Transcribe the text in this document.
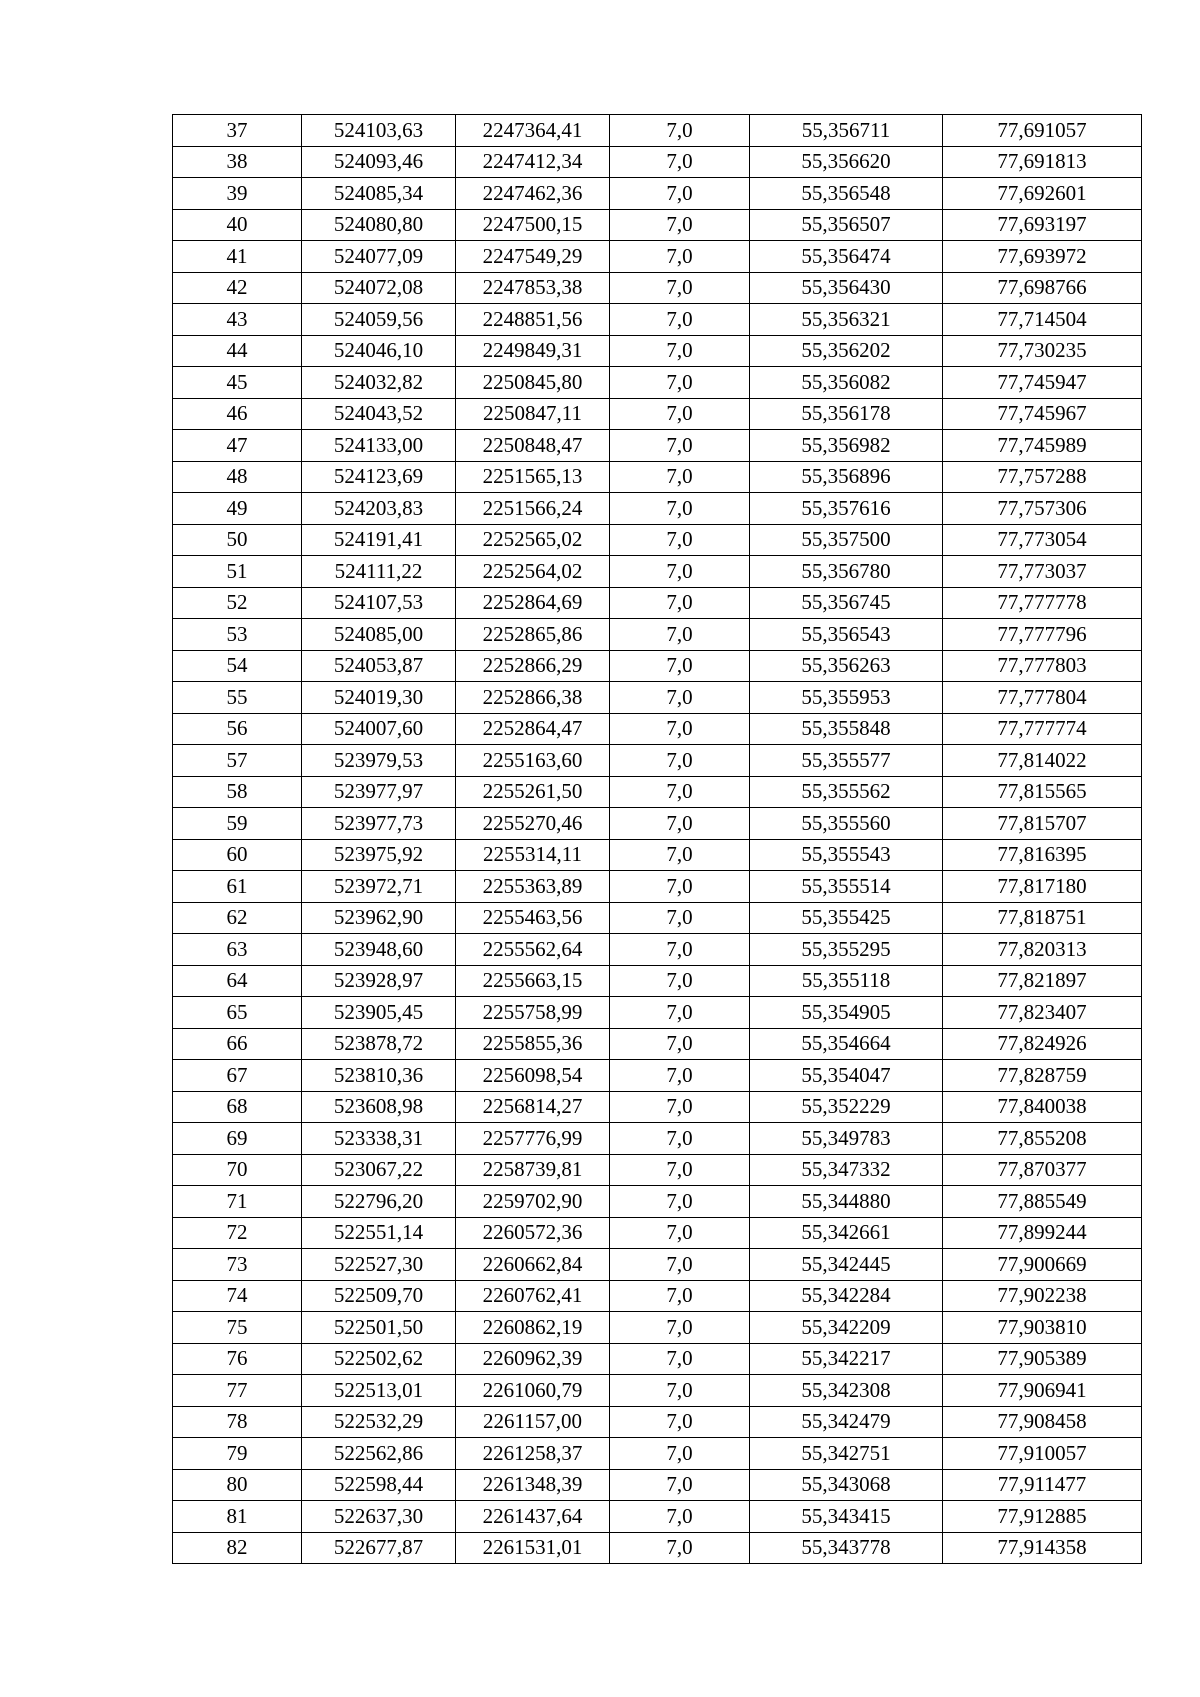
37	524103,63	2247364,41	7,0	55,356711	77,691057
38	524093,46	2247412,34	7,0	55,356620	77,691813
39	524085,34	2247462,36	7,0	55,356548	77,692601
40	524080,80	2247500,15	7,0	55,356507	77,693197
41	524077,09	2247549,29	7,0	55,356474	77,693972
42	524072,08	2247853,38	7,0	55,356430	77,698766
43	524059,56	2248851,56	7,0	55,356321	77,714504
44	524046,10	2249849,31	7,0	55,356202	77,730235
45	524032,82	2250845,80	7,0	55,356082	77,745947
46	524043,52	2250847,11	7,0	55,356178	77,745967
47	524133,00	2250848,47	7,0	55,356982	77,745989
48	524123,69	2251565,13	7,0	55,356896	77,757288
49	524203,83	2251566,24	7,0	55,357616	77,757306
50	524191,41	2252565,02	7,0	55,357500	77,773054
51	524111,22	2252564,02	7,0	55,356780	77,773037
52	524107,53	2252864,69	7,0	55,356745	77,777778
53	524085,00	2252865,86	7,0	55,356543	77,777796
54	524053,87	2252866,29	7,0	55,356263	77,777803
55	524019,30	2252866,38	7,0	55,355953	77,777804
56	524007,60	2252864,47	7,0	55,355848	77,777774
57	523979,53	2255163,60	7,0	55,355577	77,814022
58	523977,97	2255261,50	7,0	55,355562	77,815565
59	523977,73	2255270,46	7,0	55,355560	77,815707
60	523975,92	2255314,11	7,0	55,355543	77,816395
61	523972,71	2255363,89	7,0	55,355514	77,817180
62	523962,90	2255463,56	7,0	55,355425	77,818751
63	523948,60	2255562,64	7,0	55,355295	77,820313
64	523928,97	2255663,15	7,0	55,355118	77,821897
65	523905,45	2255758,99	7,0	55,354905	77,823407
66	523878,72	2255855,36	7,0	55,354664	77,824926
67	523810,36	2256098,54	7,0	55,354047	77,828759
68	523608,98	2256814,27	7,0	55,352229	77,840038
69	523338,31	2257776,99	7,0	55,349783	77,855208
70	523067,22	2258739,81	7,0	55,347332	77,870377
71	522796,20	2259702,90	7,0	55,344880	77,885549
72	522551,14	2260572,36	7,0	55,342661	77,899244
73	522527,30	2260662,84	7,0	55,342445	77,900669
74	522509,70	2260762,41	7,0	55,342284	77,902238
75	522501,50	2260862,19	7,0	55,342209	77,903810
76	522502,62	2260962,39	7,0	55,342217	77,905389
77	522513,01	2261060,79	7,0	55,342308	77,906941
78	522532,29	2261157,00	7,0	55,342479	77,908458
79	522562,86	2261258,37	7,0	55,342751	77,910057
80	522598,44	2261348,39	7,0	55,343068	77,911477
81	522637,30	2261437,64	7,0	55,343415	77,912885
82	522677,87	2261531,01	7,0	55,343778	77,914358
